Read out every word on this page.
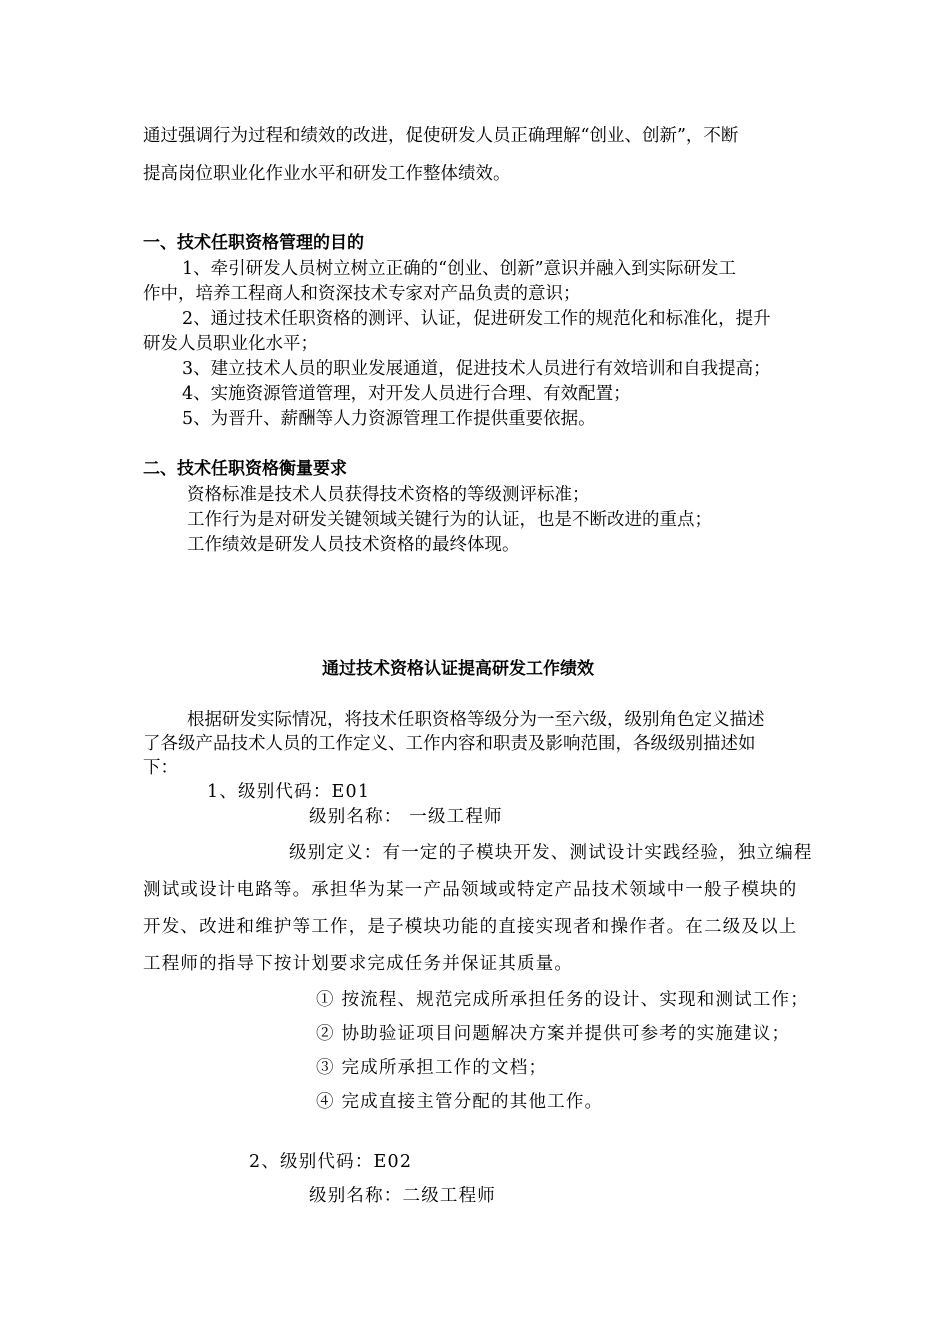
通过强调行为过程和绩效的改进，促使研发人员正确理解“创业、创新”，不断
提高岗位职业化作业水平和研发工作整体绩效。
一、技术任职资格管理的目的
1、牵引研发人员树立树立正确的“创业、创新”意识并融入到实际研发工
作中，培养工程商人和资深技术专家对产品负责的意识；
2、通过技术任职资格的测评、认证，促进研发工作的规范化和标准化，提升
研发人员职业化水平；
3、建立技术人员的职业发展通道，促进技术人员进行有效培训和自我提高；
4、实施资源管道管理，对开发人员进行合理、有效配置；
5、为晋升、薪酬等人力资源管理工作提供重要依据。
二、技术任职资格衡量要求
资格标准是技术人员获得技术资格的等级测评标准；
工作行为是对研发关键领域关键行为的认证，也是不断改进的重点；
工作绩效是研发人员技术资格的最终体现。
通过技术资格认证提高研发工作绩效
根据研发实际情况，将技术任职资格等级分为一至六级，级别角色定义描述
了各级产品技术人员的工作定义、工作内容和职责及影响范围，各级级别描述如
下：
1、级别代码：E01
级别名称： 一级工程师
级别定义：有一定的子模块开发、测试设计实践经验，独立编程
测试或设计电路等。承担华为某一产品领域或特定产品技术领域中一般子模块的
开发、改进和维护等工作，是子模块功能的直接实现者和操作者。在二级及以上
工程师的指导下按计划要求完成任务并保证其质量。
① 按流程、规范完成所承担任务的设计、实现和测试工作；
② 协助验证项目问题解决方案并提供可参考的实施建议；
③ 完成所承担工作的文档；
④ 完成直接主管分配的其他工作。
2、级别代码：E02
级别名称：二级工程师
